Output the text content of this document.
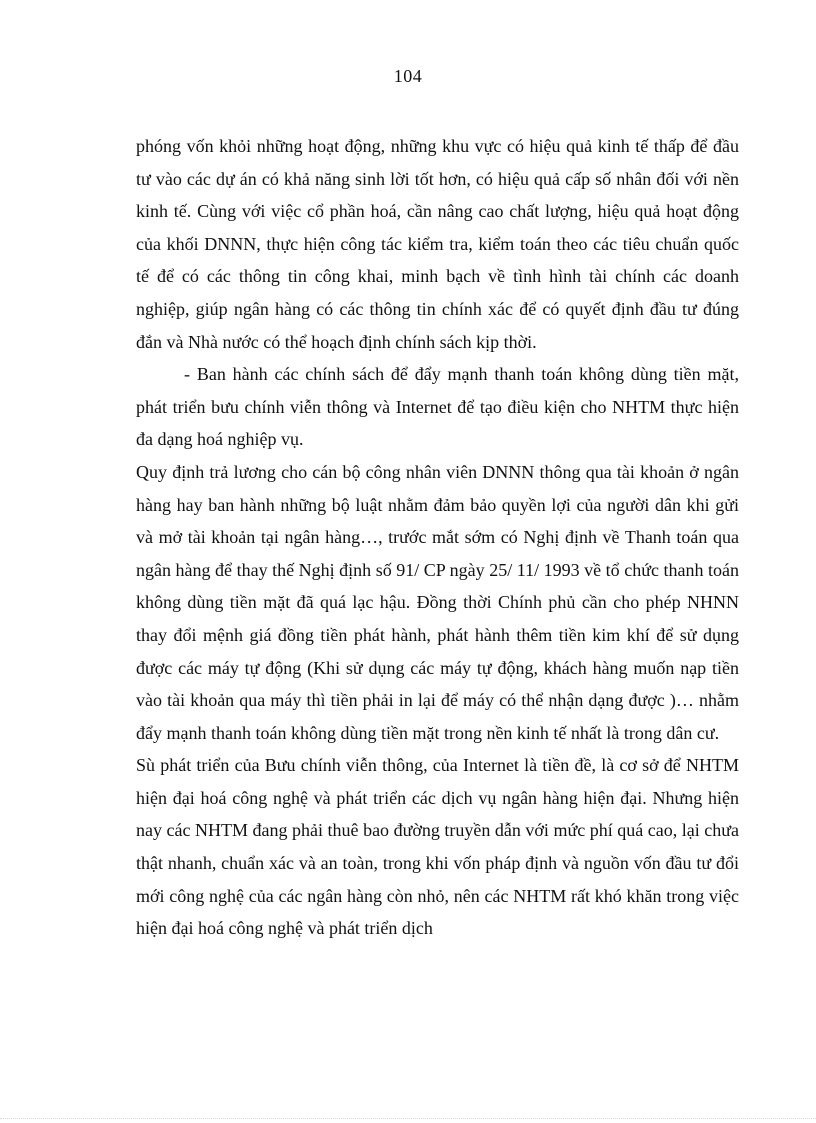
104

phóng vốn khỏi những hoạt động, những khu vực có hiệu quả kinh tế thấp để đầu tư vào các dự án có khả năng sinh lời tốt hơn, có hiệu quả cấp số nhân đối với nền kinh tế. Cùng với việc cổ phần hoá, cần nâng cao chất lượng, hiệu quả hoạt động của khối DNNN, thực hiện công tác kiểm tra, kiểm toán theo các tiêu chuẩn quốc tế để có các thông tin công khai, minh bạch về tình hình tài chính các doanh nghiệp, giúp ngân hàng có các thông tin chính xác để có quyết định đầu tư đúng đắn và Nhà nước có thể hoạch định chính sách kịp thời.

- Ban hành các chính sách để đẩy mạnh thanh toán không dùng tiền mặt, phát triển bưu chính viễn thông và Internet để tạo điều kiện cho NHTM thực hiện đa dạng hoá nghiệp vụ.

Quy định trả lương cho cán bộ công nhân viên DNNN thông qua tài khoản ở ngân hàng hay ban hành những bộ luật nhằm đảm bảo quyền lợi của người dân khi gửi và mở tài khoản tại ngân hàng…, trước mắt sớm có Nghị định về Thanh toán qua ngân hàng để thay thế Nghị định số 91/ CP ngày 25/ 11/ 1993 về tổ chức thanh toán không dùng tiền mặt đã quá lạc hậu. Đồng thời Chính phủ cần cho phép NHNN thay đổi mệnh giá đồng tiền phát hành, phát hành thêm tiền kim khí để sử dụng được các máy tự động (Khi sử dụng các máy tự động, khách hàng muốn nạp tiền vào tài khoản qua máy thì tiền phải in lại để máy có thể nhận dạng được )… nhằm đẩy mạnh thanh toán không dùng tiền mặt trong nền kinh tế nhất là trong dân cư.

Sù phát triển của Bưu chính viễn thông, của Internet là tiền đề, là cơ sở để NHTM hiện đại hoá công nghệ và phát triển các dịch vụ ngân hàng hiện đại. Nhưng hiện nay các NHTM đang phải thuê bao đường truyền dẫn với mức phí quá cao, lại chưa thật nhanh, chuẩn xác và an toàn, trong khi vốn pháp định và nguồn vốn đầu tư đổi mới công nghệ của các ngân hàng còn nhỏ, nên các NHTM rất khó khăn trong việc hiện đại hoá công nghệ và phát triển dịch
